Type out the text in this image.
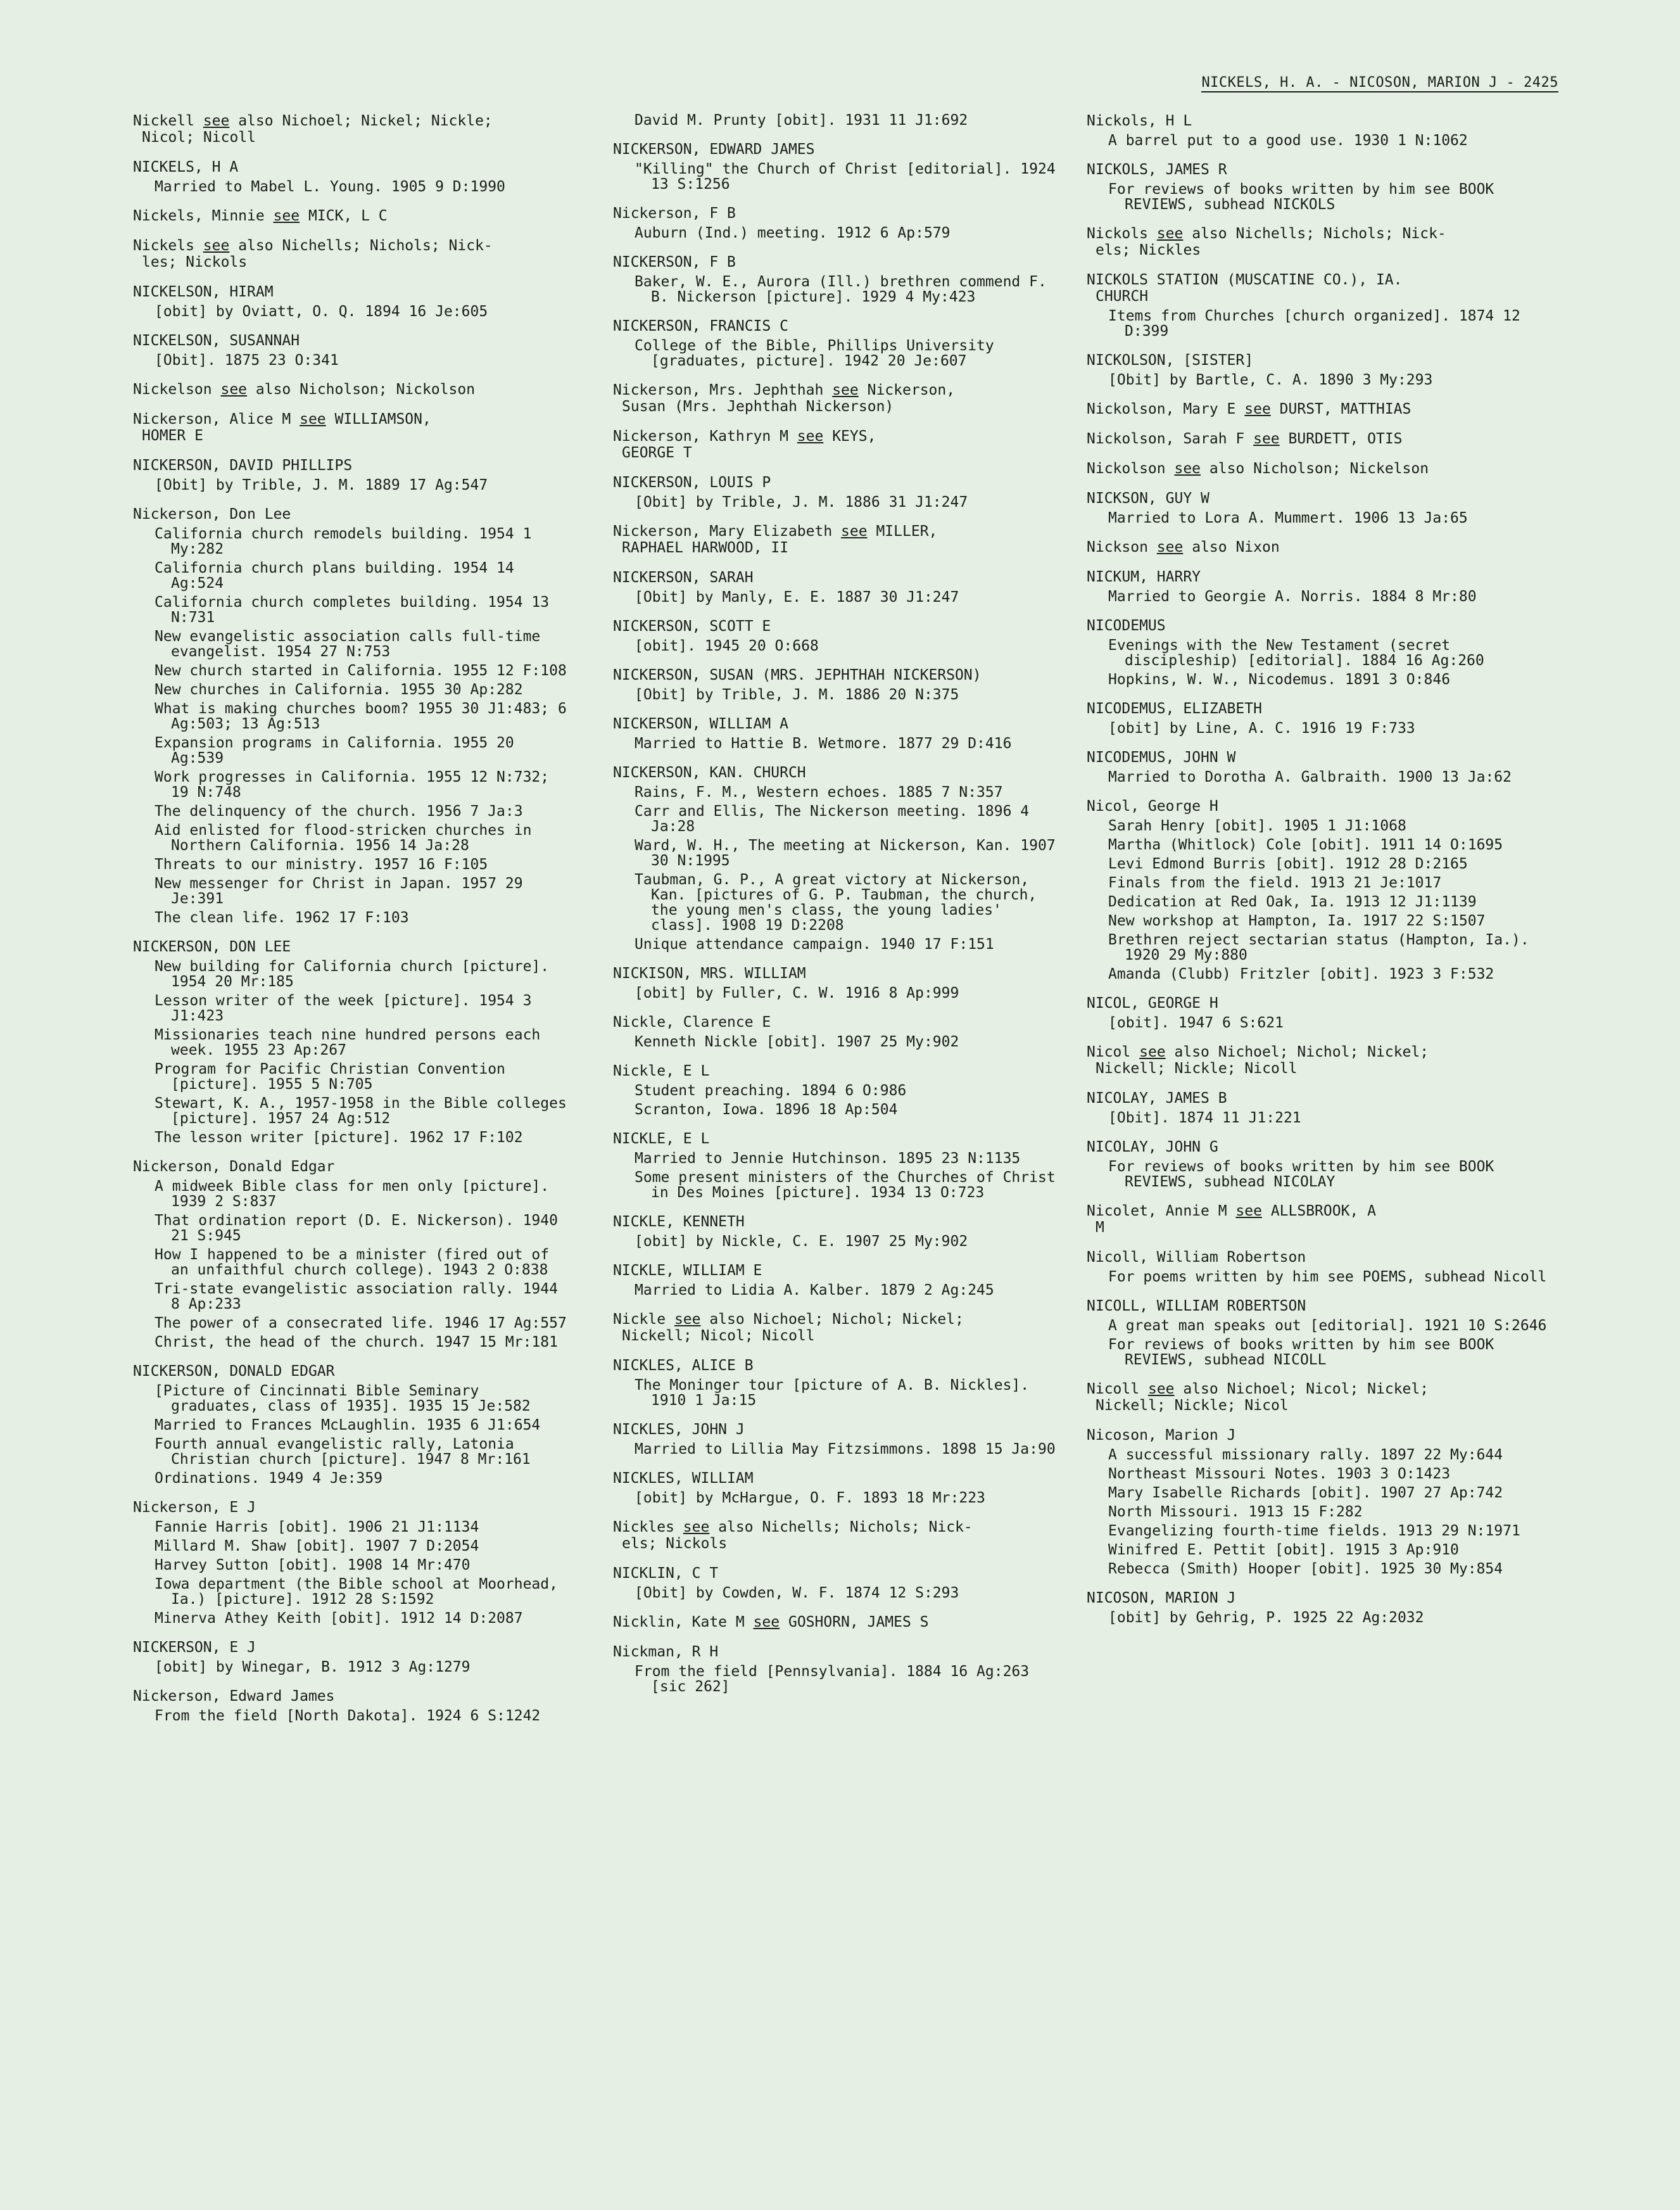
NICKELS, H. A. - NICOSON, MARION J - 2425
Nickell see also Nichoel; Nickel; Nickle;
Nicol; Nicoll
NICKELS, H A
Married to Mabel L. Young. 1905 9 D:1990
Nickels, Minnie see MICK, L C
Nickels see also Nichells; Nichols; Nick-
les; Nickols
NICKELSON, HIRAM
[obit] by Oviatt, O. Q. 1894 16 Je:605
NICKELSON, SUSANNAH
[Obit]. 1875 23 O:341
Nickelson see also Nicholson; Nickolson
Nickerson, Alice M see WILLIAMSON,
HOMER E
NICKERSON, DAVID PHILLIPS
[Obit] by Trible, J. M. 1889 17 Ag:547
Nickerson, Don Lee
California church remodels building. 1954 1 My:282
California church plans building. 1954 14 Ag:524
California church completes building. 1954 13 N:731
New evangelistic association calls full-time evangelist. 1954 27 N:753
New church started in California. 1955 12 F:108
New churches in California. 1955 30 Ap:282
What is making churches boom? 1955 30 J1:483; 6 Ag:503; 13 Ag:513
Expansion programs in California. 1955 20 Ag:539
Work progresses in California. 1955 12 N:732; 19 N:748
The delinquency of the church. 1956 7 Ja:3
Aid enlisted for flood-stricken churches in Northern California. 1956 14 Ja:28
Threats to our ministry. 1957 16 F:105
New messenger for Christ in Japan. 1957 29 Je:391
The clean life. 1962 17 F:103
NICKERSON, DON LEE
New building for California church [picture]. 1954 20 Mr:185
Lesson writer of the week [picture]. 1954 3 J1:423
Missionaries teach nine hundred persons each week. 1955 23 Ap:267
Program for Pacific Christian Convention [picture]. 1955 5 N:705
Stewart, K. A., 1957-1958 in the Bible colleges [picture]. 1957 24 Ag:512
The lesson writer [picture]. 1962 17 F:102
Nickerson, Donald Edgar
A midweek Bible class for men only [picture]. 1939 2 S:837
That ordination report (D. E. Nickerson). 1940 21 S:945
How I happened to be a minister (fired out of an unfaithful church college). 1943 2 O:838
Tri-state evangelistic association rally. 1944 8 Ap:233
The power of a consecrated life. 1946 17 Ag:557
Christ, the head of the church. 1947 15 Mr:181
NICKERSON, DONALD EDGAR
[Picture of Cincinnati Bible Seminary graduates, class of 1935]. 1935 15 Je:582
Married to Frances McLaughlin. 1935 6 J1:654
Fourth annual evangelistic rally, Latonia Christian church [picture]. 1947 8 Mr:161
Ordinations. 1949 4 Je:359
Nickerson, E J
Fannie Harris [obit]. 1906 21 J1:1134
Millard M. Shaw [obit]. 1907 7 D:2054
Harvey Sutton [obit]. 1908 14 Mr:470
Iowa department (the Bible school at Moorhead, Ia.) [picture]. 1912 28 S:1592
Minerva Athey Keith [obit]. 1912 14 D:2087
NICKERSON, E J
[obit] by Winegar, B. 1912 3 Ag:1279
Nickerson, Edward James
From the field [North Dakota]. 1924 6 S:1242
David M. Prunty [obit]. 1931 11 J1:692
NICKERSON, EDWARD JAMES
"Killing" the Church of Christ [editorial]. 1924 13 S:1256
Nickerson, F B
Auburn (Ind.) meeting. 1912 6 Ap:579
NICKERSON, F B
Baker, W. E., Aurora (Ill.) brethren commend F. B. Nickerson [picture]. 1929 4 My:423
NICKERSON, FRANCIS C
College of the Bible, Phillips University [graduates, picture]. 1942 20 Je:607
Nickerson, Mrs. Jephthah see Nickerson,
Susan (Mrs. Jephthah Nickerson)
Nickerson, Kathryn M see KEYS,
GEORGE T
NICKERSON, LOUIS P
[Obit] by Trible, J. M. 1886 31 J1:247
Nickerson, Mary Elizabeth see MILLER,
RAPHAEL HARWOOD, II
NICKERSON, SARAH
[Obit] by Manly, E. E. 1887 30 J1:247
NICKERSON, SCOTT E
[obit]. 1945 20 O:668
NICKERSON, SUSAN (MRS. JEPHTHAH NICKERSON)
[Obit] by Trible, J. M. 1886 20 N:375
NICKERSON, WILLIAM A
Married to Hattie B. Wetmore. 1877 29 D:416
NICKERSON, KAN. CHURCH
Rains, F. M., Western echoes. 1885 7 N:357
Carr and Ellis, The Nickerson meeting. 1896 4 Ja:28
Ward, W. H., The meeting at Nickerson, Kan. 1907 30 N:1995
Taubman, G. P., A great victory at Nickerson, Kan. [pictures of G. P. Taubman, the church, the young men's class, the young ladies' class]. 1908 19 D:2208
Unique attendance campaign. 1940 17 F:151
NICKISON, MRS. WILLIAM
[obit] by Fuller, C. W. 1916 8 Ap:999
Nickle, Clarence E
Kenneth Nickle [obit]. 1907 25 My:902
Nickle, E L
Student preaching. 1894 6 O:986
Scranton, Iowa. 1896 18 Ap:504
NICKLE, E L
Married to Jennie Hutchinson. 1895 23 N:1135
Some present ministers of the Churches of Christ in Des Moines [picture]. 1934 13 O:723
NICKLE, KENNETH
[obit] by Nickle, C. E. 1907 25 My:902
NICKLE, WILLIAM E
Married to Lidia A. Kalber. 1879 2 Ag:245
Nickle see also Nichoel; Nichol; Nickel;
Nickell; Nicol; Nicoll
NICKLES, ALICE B
The Moninger tour [picture of A. B. Nickles]. 1910 1 Ja:15
NICKLES, JOHN J
Married to Lillia May Fitzsimmons. 1898 15 Ja:90
NICKLES, WILLIAM
[obit] by McHargue, O. F. 1893 18 Mr:223
Nickles see also Nichells; Nichols; Nick-
els; Nickols
NICKLIN, C T
[Obit] by Cowden, W. F. 1874 12 S:293
Nicklin, Kate M see GOSHORN, JAMES S
Nickman, R H
From the field [Pennsylvania]. 1884 16 Ag:263 [sic 262]
Nickols, H L
A barrel put to a good use. 1930 1 N:1062
NICKOLS, JAMES R
For reviews of books written by him see BOOK REVIEWS, subhead NICKOLS
Nickols see also Nichells; Nichols; Nick-
els; Nickles
NICKOLS STATION (MUSCATINE CO.), IA.
CHURCH
Items from Churches [church organized]. 1874 12 D:399
NICKOLSON, [SISTER]
[Obit] by Bartle, C. A. 1890 3 My:293
Nickolson, Mary E see DURST, MATTHIAS
Nickolson, Sarah F see BURDETT, OTIS
Nickolson see also Nicholson; Nickelson
NICKSON, GUY W
Married to Lora A. Mummert. 1906 13 Ja:65
Nickson see also Nixon
NICKUM, HARRY
Married to Georgie A. Norris. 1884 8 Mr:80
NICODEMUS
Evenings with the New Testament (secret discipleship) [editorial]. 1884 16 Ag:260
Hopkins, W. W., Nicodemus. 1891 3 O:846
NICODEMUS, ELIZABETH
[obit] by Line, A. C. 1916 19 F:733
NICODEMUS, JOHN W
Married to Dorotha A. Galbraith. 1900 13 Ja:62
Nicol, George H
Sarah Henry [obit]. 1905 1 J1:1068
Martha (Whitlock) Cole [obit]. 1911 14 O:1695
Levi Edmond Burris [obit]. 1912 28 D:2165
Finals from the field. 1913 21 Je:1017
Dedication at Red Oak, Ia. 1913 12 J1:1139
New workshop at Hampton, Ia. 1917 22 S:1507
Brethren reject sectarian status (Hampton, Ia.). 1920 29 My:880
Amanda (Clubb) Fritzler [obit]. 1923 3 F:532
NICOL, GEORGE H
[obit]. 1947 6 S:621
Nicol see also Nichoel; Nichol; Nickel;
Nickell; Nickle; Nicoll
NICOLAY, JAMES B
[Obit]. 1874 11 J1:221
NICOLAY, JOHN G
For reviews of books written by him see BOOK REVIEWS, subhead NICOLAY
Nicolet, Annie M see ALLSBROOK, A
M
Nicoll, William Robertson
For poems written by him see POEMS, subhead Nicoll
NICOLL, WILLIAM ROBERTSON
A great man speaks out [editorial]. 1921 10 S:2646
For reviews of books written by him see BOOK REVIEWS, subhead NICOLL
Nicoll see also Nichoel; Nicol; Nickel;
Nickell; Nickle; Nicol
Nicoson, Marion J
A successful missionary rally. 1897 22 My:644
Northeast Missouri Notes. 1903 3 O:1423
Mary Isabelle Richards [obit]. 1907 27 Ap:742
North Missouri. 1913 15 F:282
Evangelizing fourth-time fields. 1913 29 N:1971
Winifred E. Pettit [obit]. 1915 3 Ap:910
Rebecca (Smith) Hooper [obit]. 1925 30 My:854
NICOSON, MARION J
[obit] by Gehrig, P. 1925 22 Ag:2032
